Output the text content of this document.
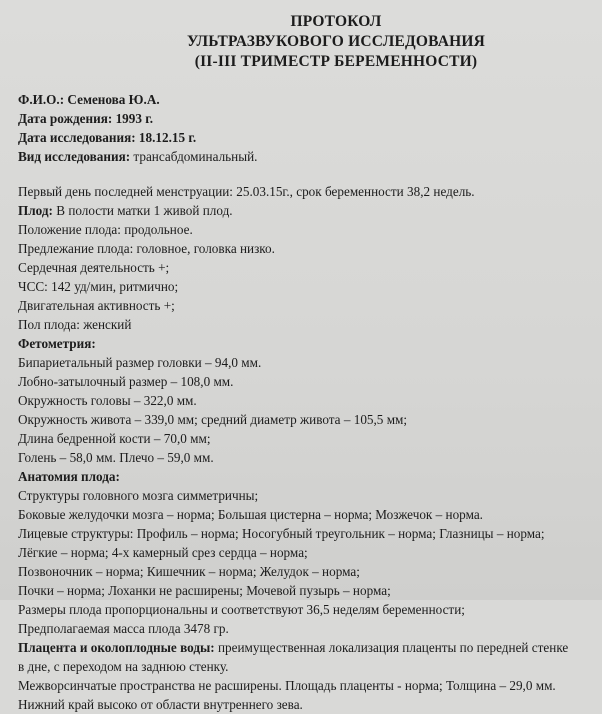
ПРОТОКОЛ
УЛЬТРАЗВУКОВОГО ИССЛЕДОВАНИЯ
(II-III ТРИМЕСТР БЕРЕМЕННОСТИ)
Ф.И.О.: Семенова Ю.А.
Дата рождения: 1993 г.
Дата исследования: 18.12.15 г.
Вид исследования: трансабдоминальный.
Первый день последней менструации: 25.03.15г., срок беременности 38,2 недель.
Плод: В полости матки 1 живой плод.
Положение плода: продольное.
Предлежание плода: головное, головка низко.
Сердечная деятельность +;
ЧСС: 142 уд/мин, ритмично;
Двигательная активность +;
Пол плода: женский
Фетометрия:
Бипариетальный размер головки – 94,0 мм.
Лобно-затылочный размер – 108,0 мм.
Окружность головы – 322,0 мм.
Окружность живота – 339,0 мм; средний диаметр живота – 105,5 мм;
Длина бедренной кости – 70,0 мм;
Голень – 58,0 мм. Плечо – 59,0 мм.
Анатомия плода:
Структуры головного мозга симметричны;
Боковые желудочки мозга – норма; Большая цистерна – норма; Мозжечок – норма.
Лицевые структуры: Профиль – норма; Носогубный треугольник – норма; Глазницы – норма;
Лёгкие – норма; 4-х камерный срез сердца – норма;
Позвоночник – норма; Кишечник – норма; Желудок – норма;
Почки – норма; Лоханки не расширены; Мочевой пузырь – норма;
Размеры плода пропорциональны и соответствуют 36,5 неделям беременности;
Предполагаемая масса плода 3478 гр.
Плацента и околоплодные воды: преимущественная локализация плаценты по передней стенке
в дне, с переходом на заднюю стенку.
Межворсинчатые пространства не расширены. Площадь плаценты - норма; Толщина – 29,0 мм.
Нижний край высоко от области внутреннего зева.
